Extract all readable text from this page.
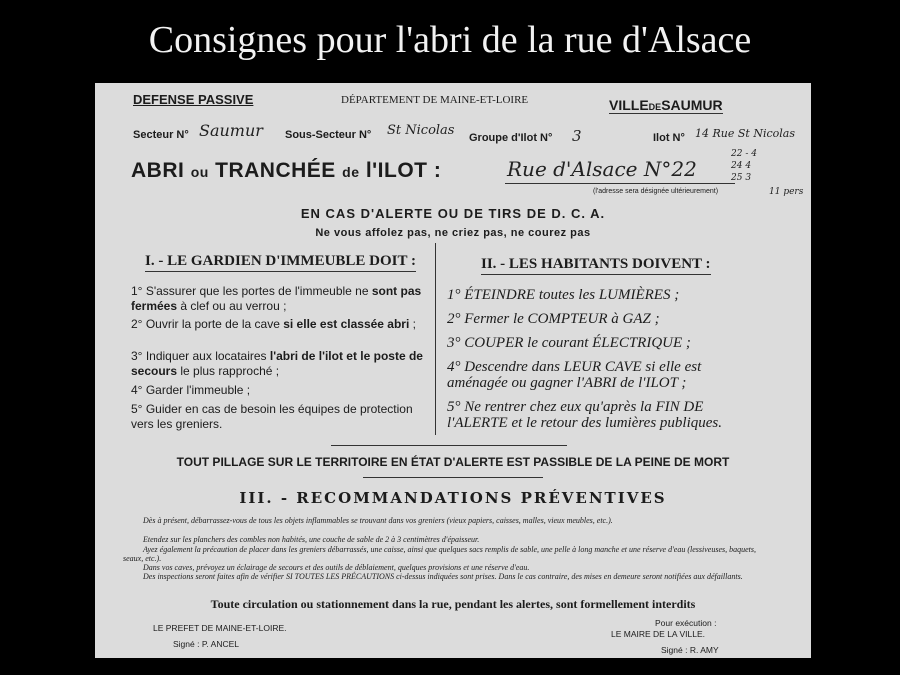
Consignes pour l'abri de la rue d'Alsace
DEFENSE PASSIVE	DÉPARTEMENT DE MAINE-ET-LOIRE	VILLEDESAUMUR
Secteur N° Saumur Sous-Secteur N° St Nicolas Groupe d'Ilot N° 3	Ilot N° 14 Rue St Nicolas
ABRI ou TRANCHÉE de l'ILOT :	Rue d'Alsace N°22
(l'adresse sera désignée ultérieurement)
22 - 4
24 4
25 3
11 pers
EN CAS D'ALERTE OU DE TIRS DE D. C. A.
Ne vous affolez pas, ne criez pas, ne courez pas
I. - LE GARDIEN D'IMMEUBLE DOIT :
1° S'assurer que les portes de l'immeuble ne sont pas fermées à clef ou au verrou ;
2° Ouvrir la porte de la cave si elle est classée abri ;
3° Indiquer aux locataires l'abri de l'ilot et le poste de secours le plus rapproché ;
4° Garder l'immeuble ;
5° Guider en cas de besoin les équipes de protection vers les greniers.
II. - LES HABITANTS DOIVENT :
1° ÉTEINDRE toutes les LUMIÈRES ;
2° Fermer le COMPTEUR à GAZ ;
3° COUPER le courant ÉLECTRIQUE ;
4° Descendre dans LEUR CAVE si elle est aménagée ou gagner l'ABRI de l'ILOT ;
5° Ne rentrer chez eux qu'après la FIN DE l'ALERTE et le retour des lumières publiques.
TOUT PILLAGE SUR LE TERRITOIRE EN ÉTAT D'ALERTE EST PASSIBLE DE LA PEINE DE MORT
III. - RECOMMANDATIONS PRÉVENTIVES
Dès à présent, débarrassez-vous de tous les objets inflammables se trouvant dans vos greniers (vieux papiers, caisses, malles, vieux meubles, etc.).
Etendez sur les planchers des combles non habités, une couche de sable de 2 à 3 centimètres d'épaisseur.
Ayez également la précaution de placer dans les greniers débarrassés, une caisse, ainsi que quelques sacs remplis de sable, une pelle à long manche et une réserve d'eau (lessiveuses, baquets, seaux, etc.).
Dans vos caves, prévoyez un éclairage de secours et des outils de déblaiement, quelques provisions et une réserve d'eau.
Des inspections seront faites afin de vérifier SI TOUTES LES PRÉCAUTIONS ci-dessus indiquées sont prises. Dans le cas contraire, des mises en demeure seront notifiées aux défaillants.
Toute circulation ou stationnement dans la rue, pendant les alertes, sont formellement interdits
LE PREFET DE MAINE-ET-LOIRE.
Signé : P. ANCEL
Pour exécution :
LE MAIRE DE LA VILLE.
Signé : R. AMY
